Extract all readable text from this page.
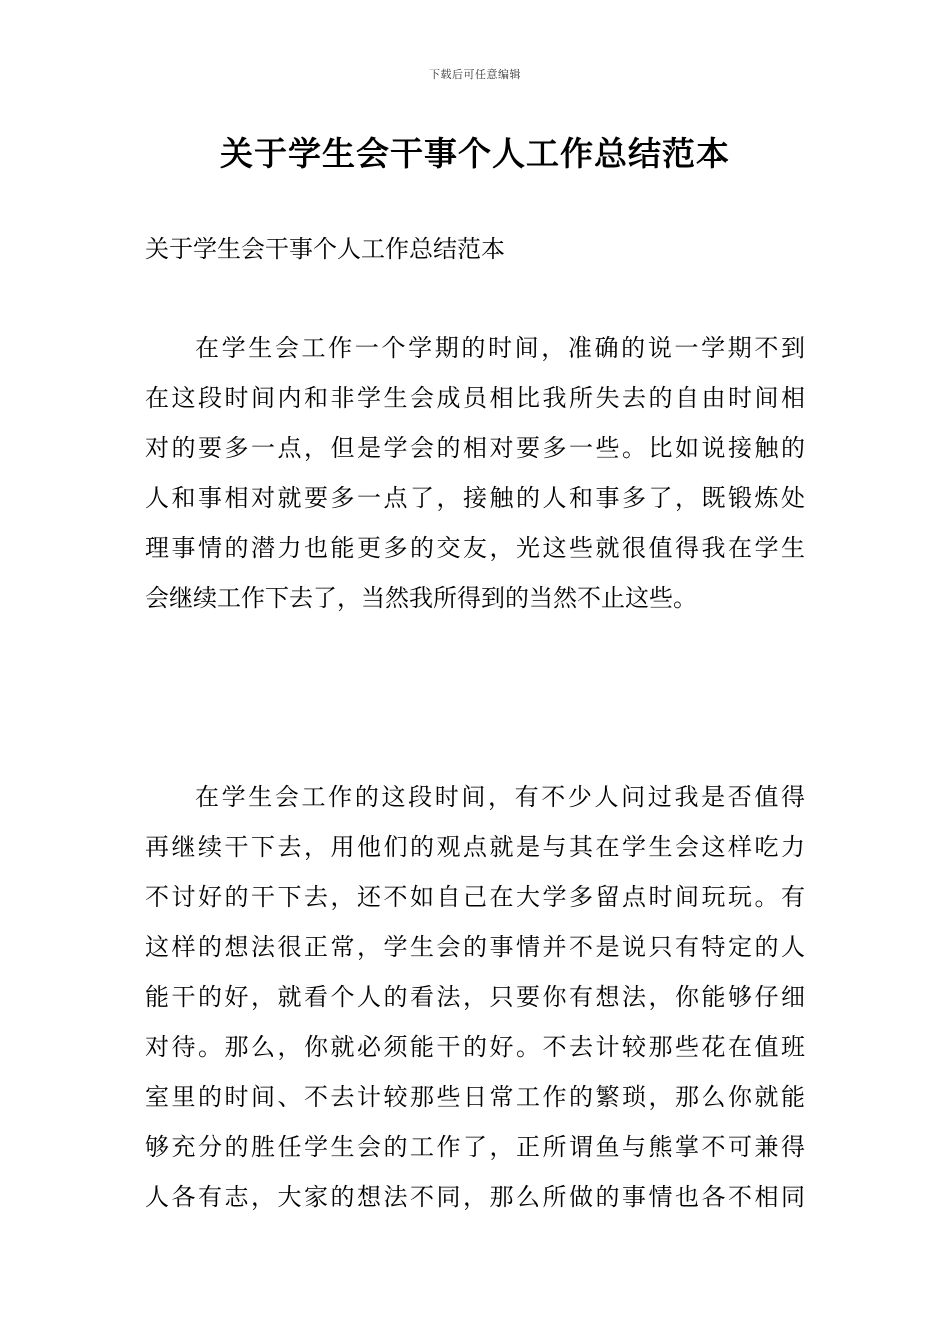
下载后可任意编辑
关于学生会干事个人工作总结范本
关于学生会干事个人工作总结范本
在学生会工作一个学期的时间，准确的说一学期不到
在这段时间内和非学生会成员相比我所失去的自由时间相
对的要多一点，但是学会的相对要多一些。比如说接触的
人和事相对就要多一点了，接触的人和事多了，既锻炼处
理事情的潜力也能更多的交友，光这些就很值得我在学生
会继续工作下去了，当然我所得到的当然不止这些。
在学生会工作的这段时间，有不少人问过我是否值得
再继续干下去，用他们的观点就是与其在学生会这样吃力
不讨好的干下去，还不如自己在大学多留点时间玩玩。有
这样的想法很正常，学生会的事情并不是说只有特定的人
能干的好，就看个人的看法，只要你有想法，你能够仔细
对待。那么，你就必须能干的好。不去计较那些花在值班
室里的时间、不去计较那些日常工作的繁琐，那么你就能
够充分的胜任学生会的工作了，正所谓鱼与熊掌不可兼得
人各有志，大家的想法不同，那么所做的事情也各不相同
